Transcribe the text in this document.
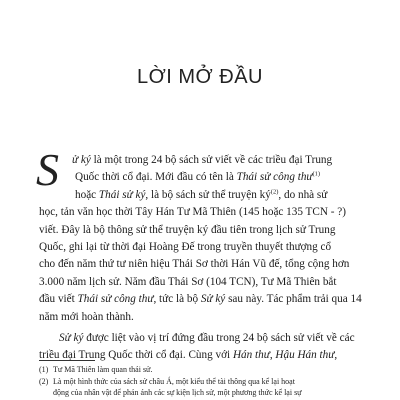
LỜI MỞ ĐẦU
S	ử ký là một trong 24 bộ sách sử viết về các triều đại Trung
Quốc thời cổ đại. Mới đầu có tên là Thái sử công thư$^{(1)}$
hoặc Thái sử ký, là bộ sách sử thể truyện $ký^{(2)}$, do nhà sử
học, tản văn học thời Tây Hán Tư Mã Thiên (145 hoặc 135 TCN - ?)
viết. Đây là bộ thông sử thể truyện ký đầu tiên trong lịch sử Trung
Quốc, ghi lại từ thời đại Hoàng Đế trong truyền thuyết thượng cổ
cho đến năm thứ tư niên hiệu Thái Sơ thời Hán Vũ đế, tổng cộng hơn
3.000 năm lịch sử. Năm đầu Thái Sơ (104 TCN), Tư Mã Thiên bắt
đầu viết Thái sử công thư, tức là bộ Sử ký sau này. Tác phẩm trải qua 14
năm mới hoàn thành.

Sử ký được liệt vào vị trí đứng đầu trong 24 bộ sách sử viết về các
triều đại Trung Quốc thời cổ đại. Cùng với Hán thư, Hậu Hán thư,

(1) Tư Mã Thiên làm quan thái sử.
(2) Là một hình thức của sách sử châu Á, một kiểu thể tài thông qua kể lại hoạt
động của nhân vật để phản ánh các sự kiện lịch sử, một phương thức kể lại sự
